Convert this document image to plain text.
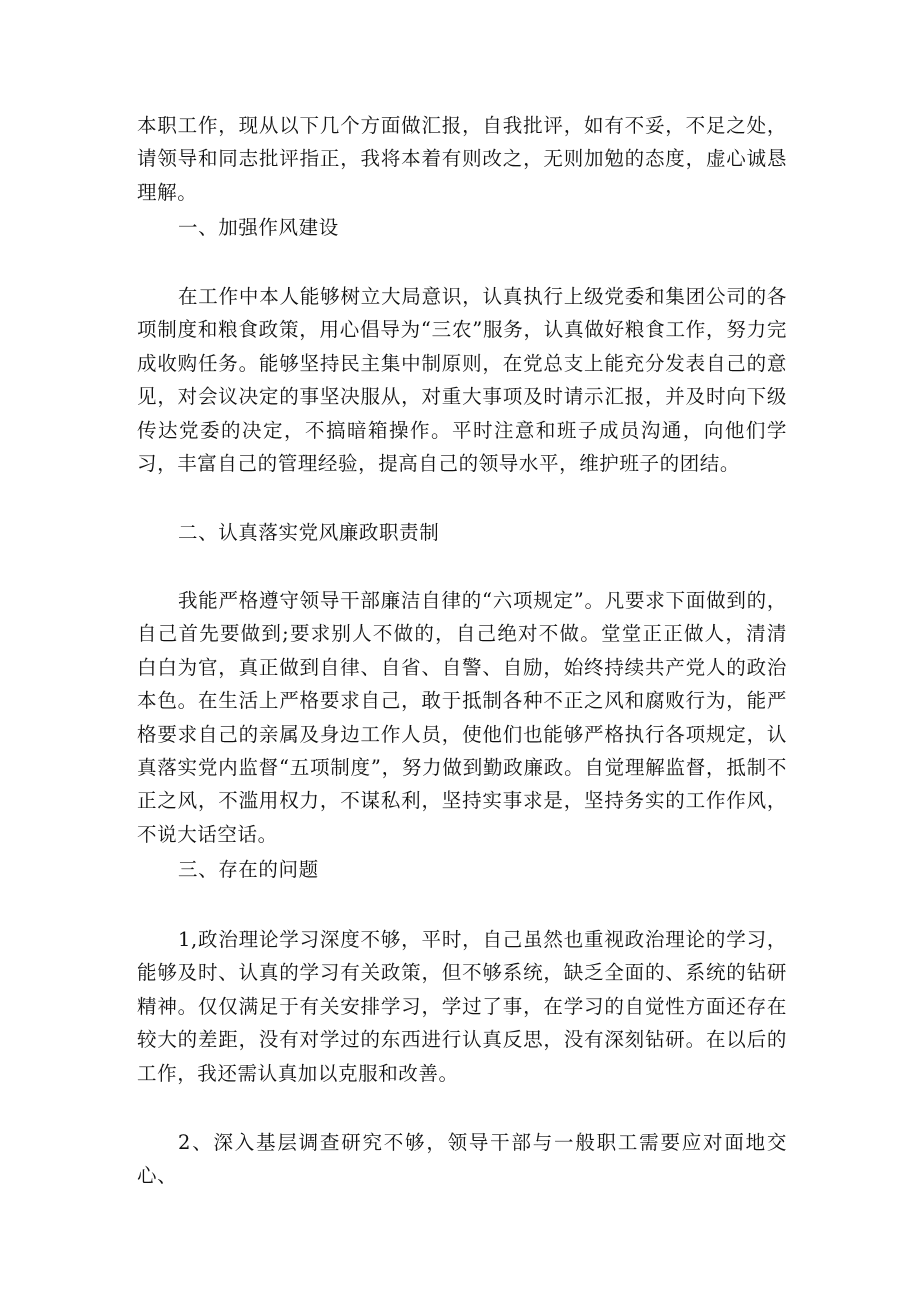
本职工作，现从以下几个方面做汇报，自我批评，如有不妥，不足之处，请领导和同志批评指正，我将本着有则改之，无则加勉的态度，虚心诚恳理解。

一、加强作风建设

在工作中本人能够树立大局意识，认真执行上级党委和集团公司的各项制度和粮食政策，用心倡导为“三农”服务，认真做好粮食工作，努力完成收购任务。能够坚持民主集中制原则，在党总支上能充分发表自己的意见，对会议决定的事坚决服从，对重大事项及时请示汇报，并及时向下级传达党委的决定，不搞暗箱操作。平时注意和班子成员沟通，向他们学习，丰富自己的管理经验，提高自己的领导水平，维护班子的团结。

二、认真落实党风廉政职责制

我能严格遵守领导干部廉洁自律的“六项规定”。凡要求下面做到的，自己首先要做到;要求别人不做的，自己绝对不做。堂堂正正做人，清清白白为官，真正做到自律、自省、自警、自励，始终持续共产党人的政治本色。在生活上严格要求自己，敢于抵制各种不正之风和腐败行为，能严格要求自己的亲属及身边工作人员，使他们也能够严格执行各项规定，认真落实党内监督“五项制度”，努力做到勤政廉政。自觉理解监督，抵制不正之风，不滥用权力，不谋私利，坚持实事求是，坚持务实的工作作风，不说大话空话。

三、存在的问题

1,政治理论学习深度不够，平时，自己虽然也重视政治理论的学习，能够及时、认真的学习有关政策，但不够系统，缺乏全面的、系统的钻研精神。仅仅满足于有关安排学习，学过了事，在学习的自觉性方面还存在较大的差距，没有对学过的东西进行认真反思，没有深刻钻研。在以后的工作，我还需认真加以克服和改善。

2、深入基层调查研究不够，领导干部与一般职工需要应对面地交心、
